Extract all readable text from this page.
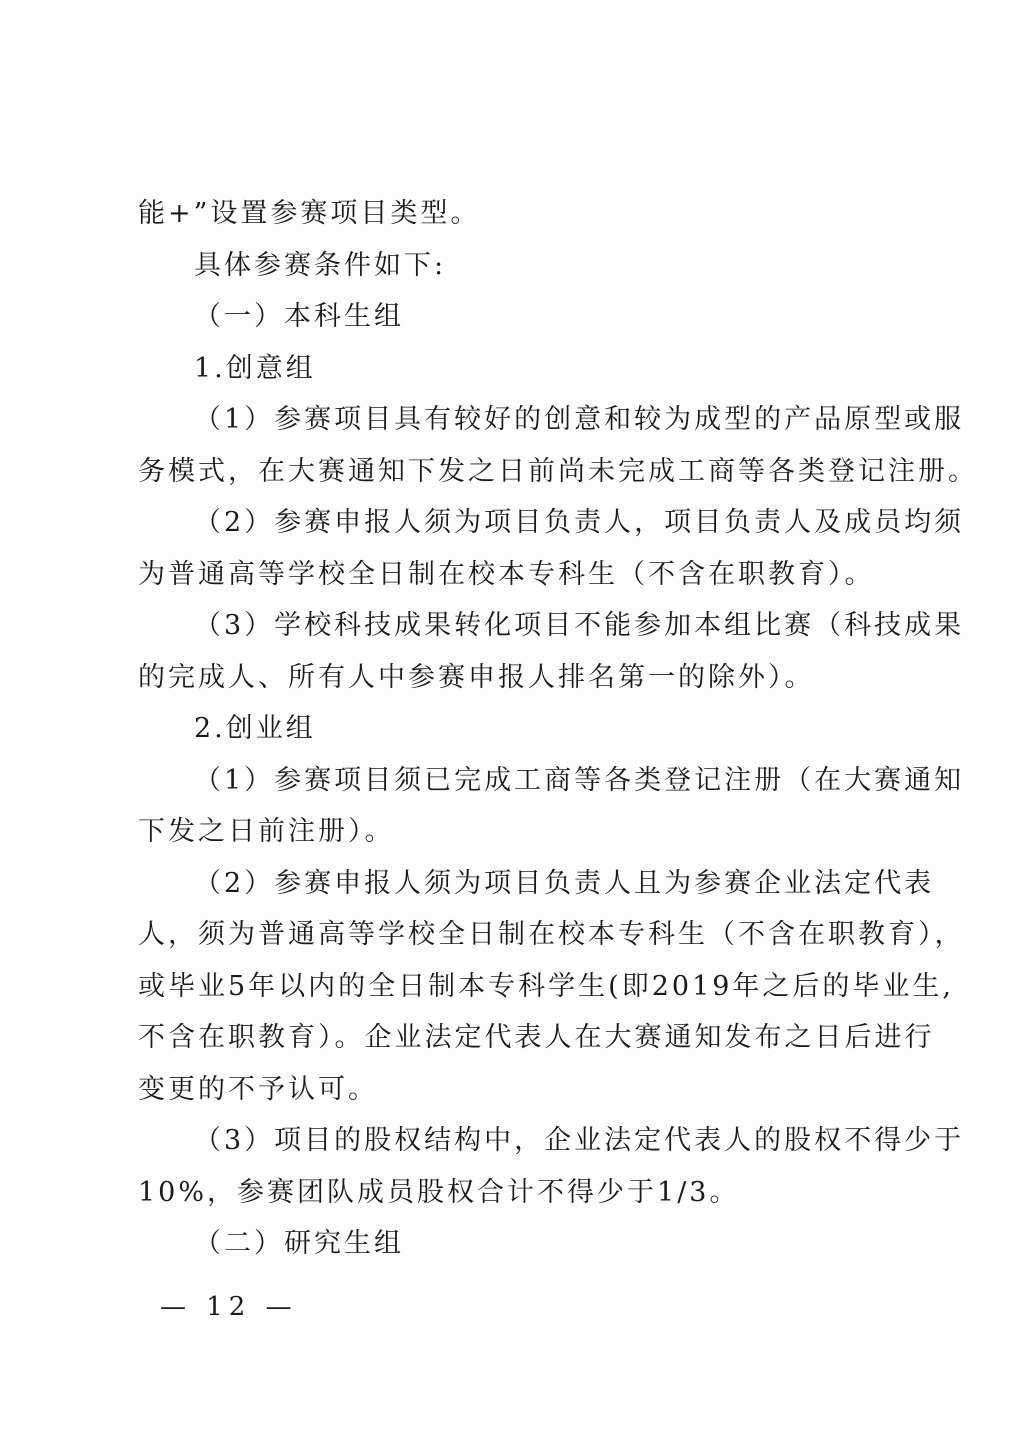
能+”设置参赛项目类型。
具体参赛条件如下:
（一）本科生组
1.创意组
（1）参赛项目具有较好的创意和较为成型的产品原型或服
务模式，在大赛通知下发之日前尚未完成工商等各类登记注册。
（2）参赛申报人须为项目负责人，项目负责人及成员均须
为普通高等学校全日制在校本专科生（不含在职教育）。
（3）学校科技成果转化项目不能参加本组比赛（科技成果
的完成人、所有人中参赛申报人排名第一的除外）。
2.创业组
（1）参赛项目须已完成工商等各类登记注册（在大赛通知
下发之日前注册）。
（2）参赛申报人须为项目负责人且为参赛企业法定代表
人，须为普通高等学校全日制在校本专科生（不含在职教育），
或毕业5年以内的全日制本专科学生(即2019年之后的毕业生,
不含在职教育）。企业法定代表人在大赛通知发布之日后进行
变更的不予认可。
（3）项目的股权结构中，企业法定代表人的股权不得少于
10%，参赛团队成员股权合计不得少于1/3。
（二）研究生组
— 12 —
